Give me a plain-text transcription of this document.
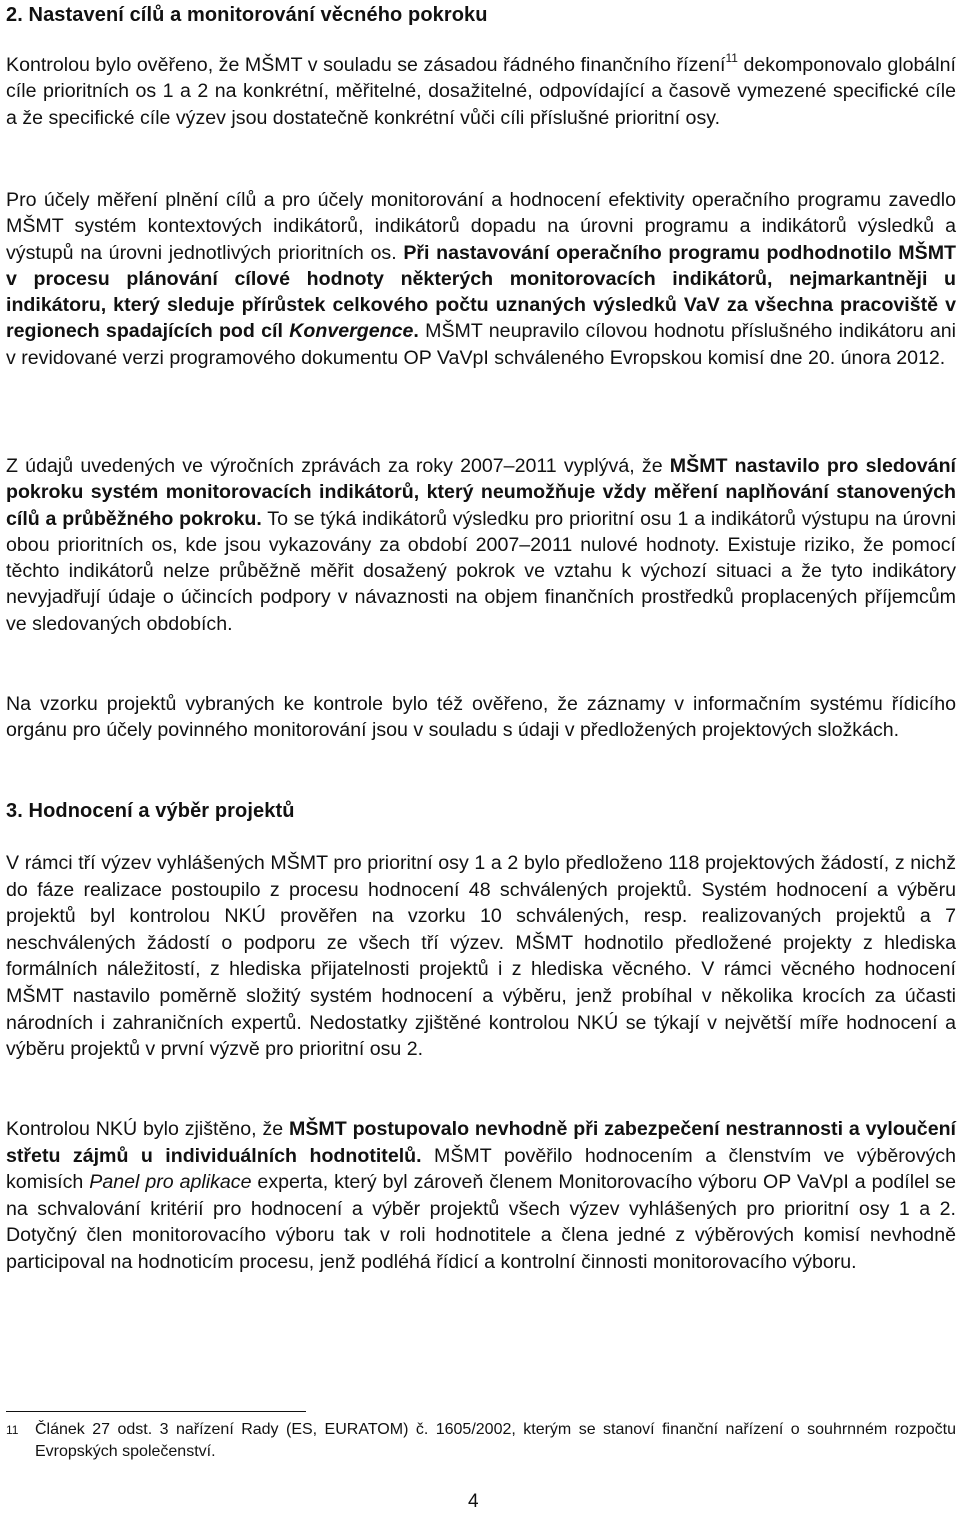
2. Nastavení cílů a monitorování věcného pokroku

Kontrolou bylo ověřeno, že MŠMT v souladu se zásadou řádného finančního řízení$^{11}$ dekomponovalo globální cíle prioritních os 1 a 2 na konkrétní, měřitelné, dosažitelné, odpovídající a časově vymezené specifické cíle a že specifické cíle výzev jsou dostatečně konkrétní vůči cíli příslušné prioritní osy.

Pro účely měření plnění cílů a pro účely monitorování a hodnocení efektivity operačního programu zavedlo MŠMT systém kontextových indikátorů, indikátorů dopadu na úrovni programu a indikátorů výsledků a výstupů na úrovni jednotlivých prioritních os. Při nastavování operačního programu podhodnotilo MŠMT v procesu plánování cílové hodnoty některých monitorovacích indikátorů, nejmarkantněji u indikátoru, který sleduje přírůstek celkového počtu uznaných výsledků VaV za všechna pracoviště v regionech spadajících pod cíl Konvergence. MŠMT neupravilo cílovou hodnotu příslušného indikátoru ani v revidované verzi programového dokumentu OP VaVpI schváleného Evropskou komisí dne 20. února 2012.

Z údajů uvedených ve výročních zprávách za roky 2007–2011 vyplývá, že MŠMT nastavilo pro sledování pokroku systém monitorovacích indikátorů, který neumožňuje vždy měření naplňování stanovených cílů a průběžného pokroku. To se týká indikátorů výsledku pro prioritní osu 1 a indikátorů výstupu na úrovni obou prioritních os, kde jsou vykazovány za období 2007–2011 nulové hodnoty. Existuje riziko, že pomocí těchto indikátorů nelze průběžně měřit dosažený pokrok ve vztahu k výchozí situaci a že tyto indikátory nevyjadřují údaje o účincích podpory v návaznosti na objem finančních prostředků proplacených příjemcům ve sledovaných obdobích.

Na vzorku projektů vybraných ke kontrole bylo též ověřeno, že záznamy v informačním systému řídicího orgánu pro účely povinného monitorování jsou v souladu s údaji v předložených projektových složkách.

3. Hodnocení a výběr projektů

V rámci tří výzev vyhlášených MŠMT pro prioritní osy 1 a 2 bylo předloženo 118 projektových žádostí, z nichž do fáze realizace postoupilo z procesu hodnocení 48 schválených projektů. Systém hodnocení a výběru projektů byl kontrolou NKÚ prověřen na vzorku 10 schválených, resp. realizovaných projektů a 7 neschválených žádostí o podporu ze všech tří výzev. MŠMT hodnotilo předložené projekty z hlediska formálních náležitostí, z hlediska přijatelnosti projektů i z hlediska věcného. V rámci věcného hodnocení MŠMT nastavilo poměrně složitý systém hodnocení a výběru, jenž probíhal v několika krocích za účasti národních i zahraničních expertů. Nedostatky zjištěné kontrolou NKÚ se týkají v největší míře hodnocení a výběru projektů v první výzvě pro prioritní osu 2.

Kontrolou NKÚ bylo zjištěno, že MŠMT postupovalo nevhodně při zabezpečení nestrannosti a vyloučení střetu zájmů u individuálních hodnotitelů. MŠMT pověřilo hodnocením a členstvím ve výběrových komisích Panel pro aplikace experta, který byl zároveň členem Monitorovacího výboru OP VaVpI a podílel se na schvalování kritérií pro hodnocení a výběr projektů všech výzev vyhlášených pro prioritní osy 1 a 2. Dotyčný člen monitorovacího výboru tak v roli hodnotitele a člena jedné z výběrových komisí nevhodně participoval na hodnoticím procesu, jenž podléhá řídicí a kontrolní činnosti monitorovacího výboru.

11 Článek 27 odst. 3 nařízení Rady (ES, EURATOM) č. 1605/2002, kterým se stanoví finanční nařízení o souhrnném rozpočtu Evropských společenství.
4
